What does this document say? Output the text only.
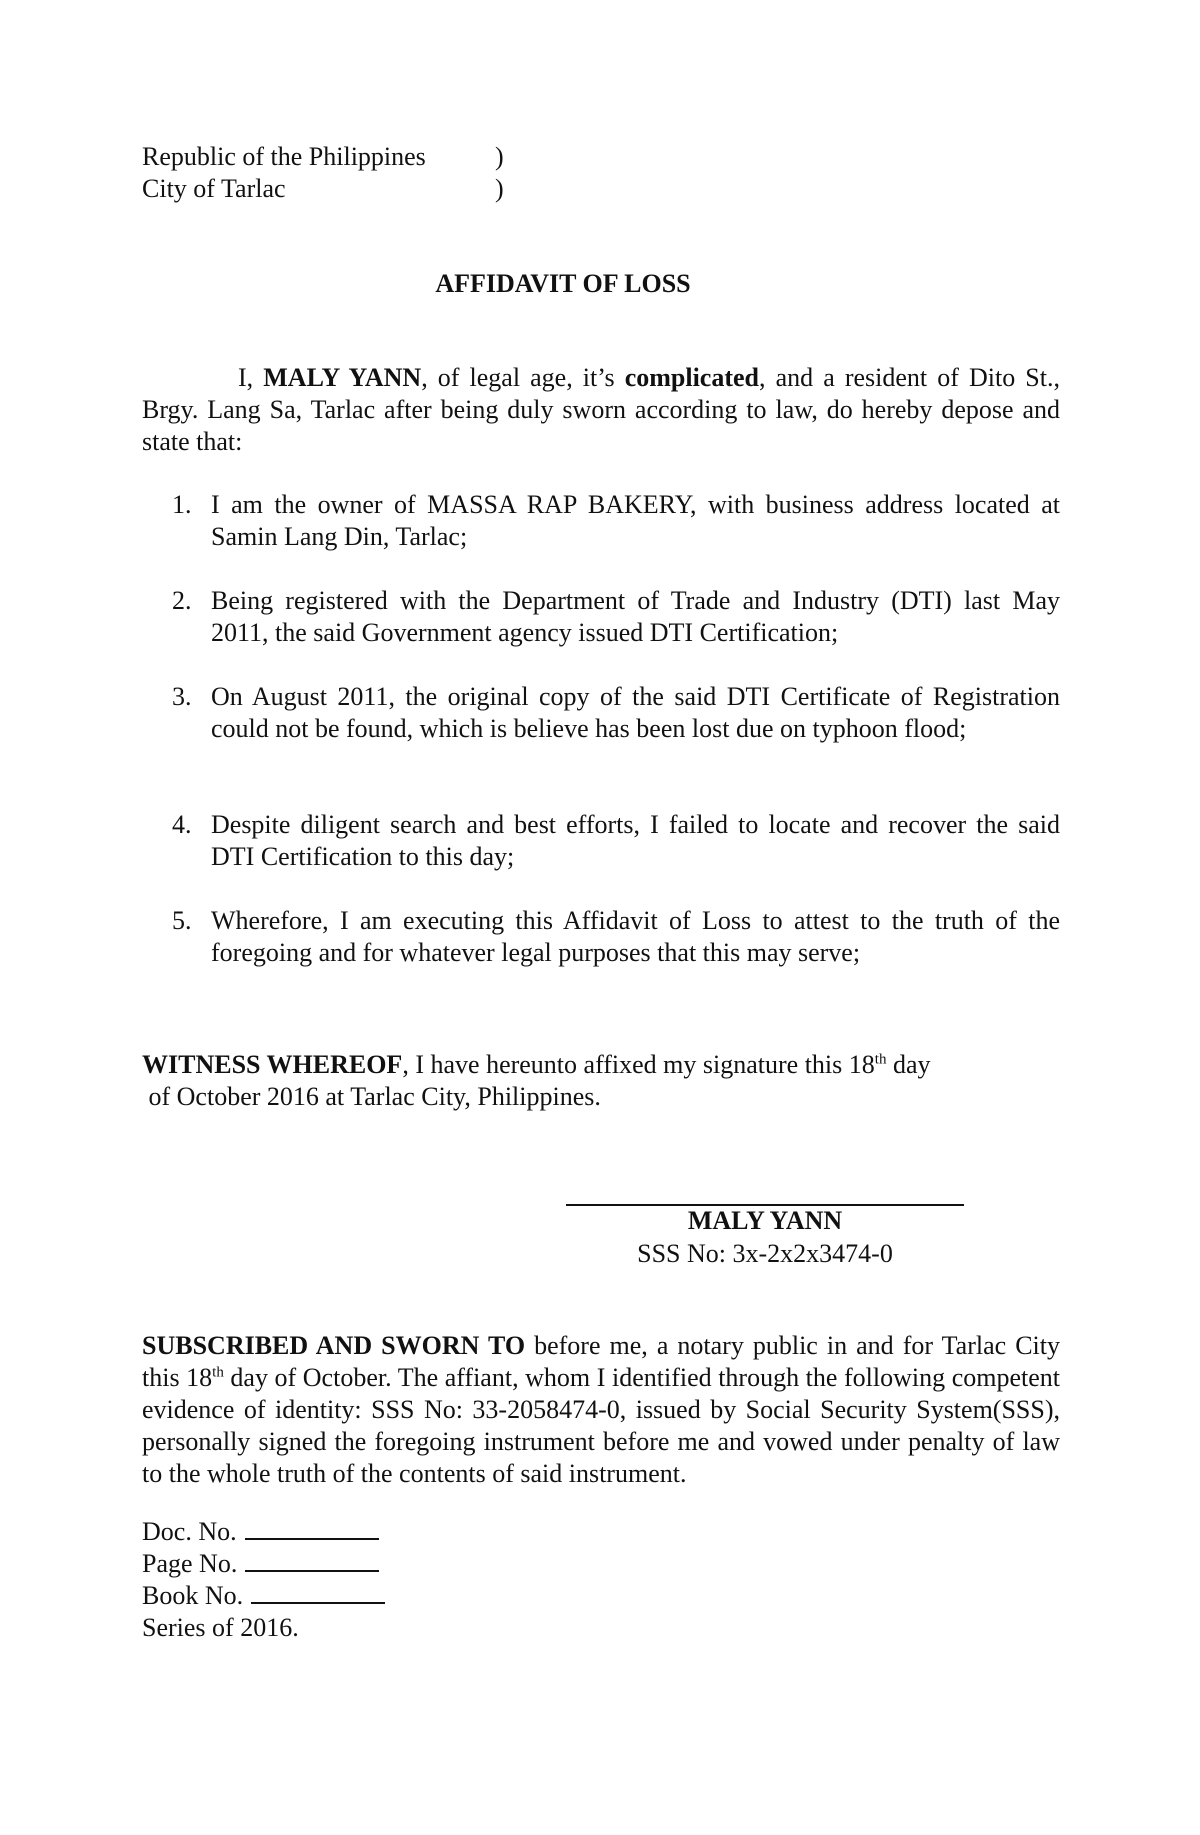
Republic of the Philippines	)
City of Tarlac	)
AFFIDAVIT OF LOSS
I, MALY YANN, of legal age, it’s complicated, and a resident of Dito St., Brgy. Lang Sa, Tarlac after being duly sworn according to law, do hereby depose and state that:
1. I am the owner of MASSA RAP BAKERY, with business address located at Samin Lang Din, Tarlac;
2. Being registered with the Department of Trade and Industry (DTI) last May 2011, the said Government agency issued DTI Certification;
3. On August 2011, the original copy of the said DTI Certificate of Registration could not be found, which is believe has been lost due on typhoon flood;
4. Despite diligent search and best efforts, I failed to locate and recover the said DTI Certification to this day;
5. Wherefore, I am executing this Affidavit of Loss to attest to the truth of the foregoing and for whatever legal purposes that this may serve;
WITNESS WHEREOF, I have hereunto affixed my signature this 18th day
of October 2016 at Tarlac City, Philippines.
MALY YANN
SSS No: 3x-2x2x3474-0
SUBSCRIBED AND SWORN TO before me, a notary public in and for Tarlac City this 18th day of October. The affiant, whom I identified through the following competent evidence of identity: SSS No: 33-2058474-0, issued by Social Security System(SSS), personally signed the foregoing instrument before me and vowed under penalty of law to the whole truth of the contents of said instrument.
Doc. No.
Page No.
Book No.
Series of 2016.
